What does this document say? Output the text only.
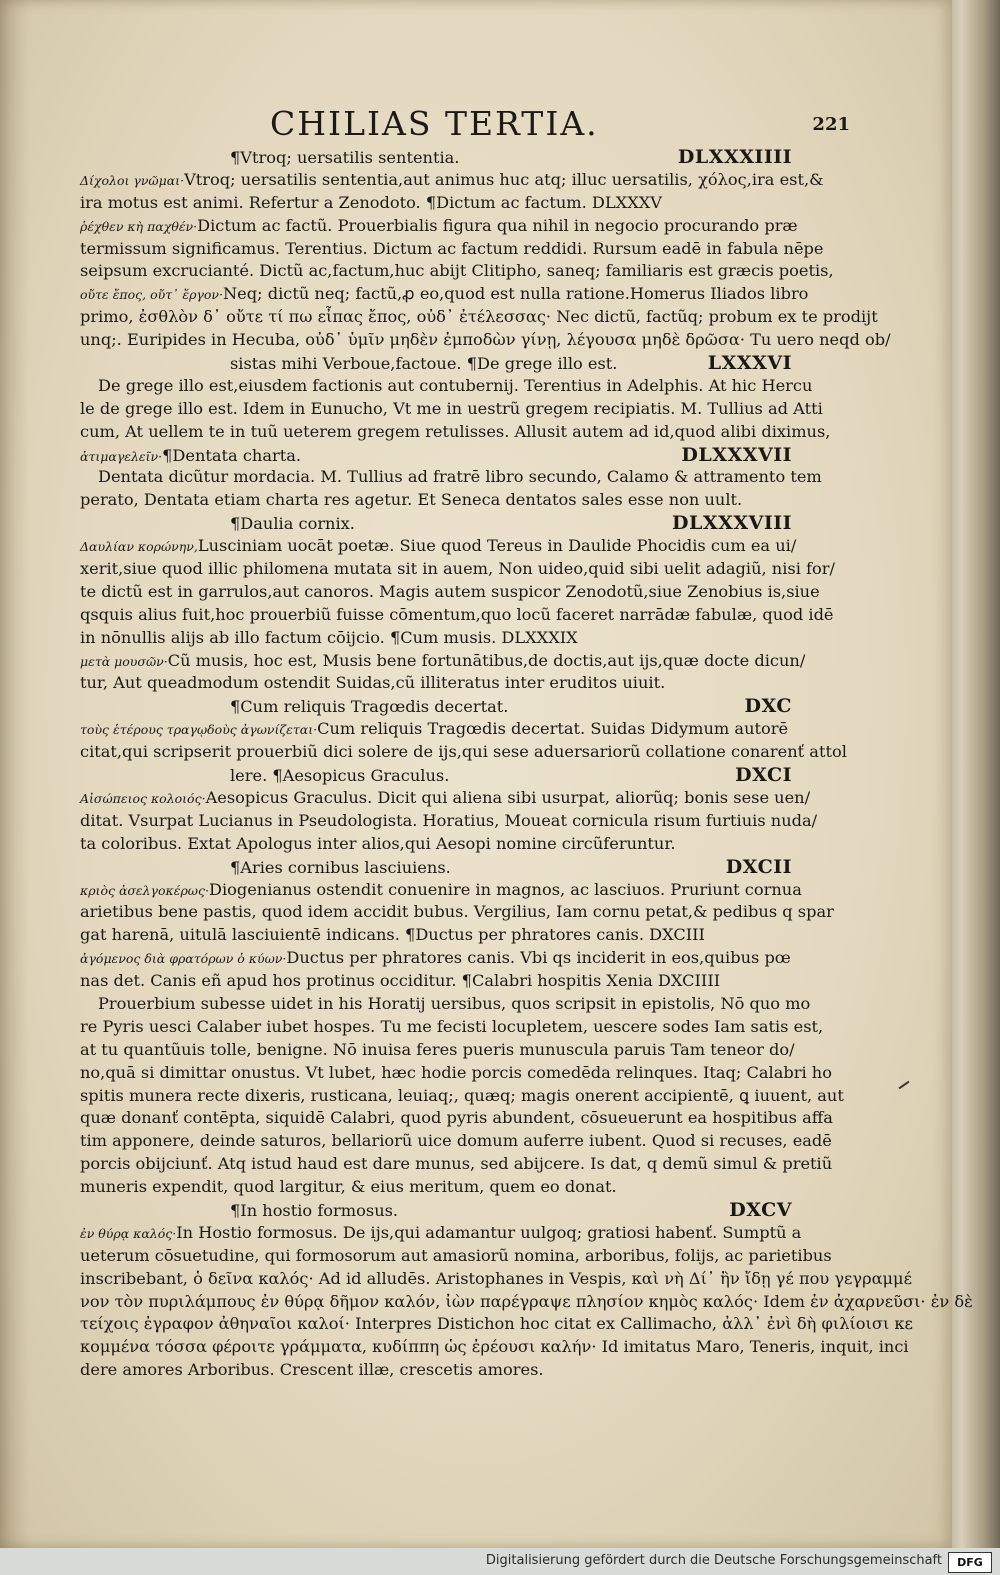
CHILIAS TERTIA.	221
¶Vtroq; uersatilis sententia.	DLXXXIIII
Δίχολοι γνῶμαι·Vtroq; uersatilis sententia,aut animus huc atq; illuc uersatilis, χόλος,ira est,&
ira motus est animi. Refertur a Zenodoto. ¶Dictum ac factum. DLXXXV
ῥέχθεν κὴ παχθέν·Dictum ac factũ. Prouerbialis figura qua nihil in negocio procurando præ
termissum significamus. Terentius. Dictum ac factum reddidi. Rursum eadē in fabula nēpe
seipsum excrucianté. Dictũ ac,factum,huc abijt Clitipho, saneq; familiaris est græcis poetis,
οὔτε ἔπος, οὔτ᾽ ἔργον·Neq; dictũ neq; factũ,ꝓ eo,quod est nulla ratione.Homerus Iliados libro
primo, ἐσθλὸν δ᾽ οὔτε τί πω εἶπας ἔπος, οὐδ᾽ ἐτέλεσσας· Nec dictũ, factũq; probum ex te prodijt
unq;. Euripides in Hecuba, οὐδ᾽ ὑμῖν μηδὲν ἐμποδὼν γίνῃ, λέγουσα μηδὲ δρῶσα· Tu uero neqd ob/
sistas mihi Verboue,factoue. ¶De grege illo est.	LXXXVI
De grege illo est,eiusdem factionis aut contubernij. Terentius in Adelphis. At hic Hercu
le de grege illo est. Idem in Eunucho, Vt me in uestrũ gregem recipiatis. M. Tullius ad Atti
cum, At uellem te in tuũ ueterem gregem retulisses. Allusit autem ad id,quod alibi diximus,
ἀτιμαγελεῖν· ¶Dentata charta.	DLXXXVII
Dentata dicũtur mordacia. M. Tullius ad fratrē libro secundo, Calamo & attramento tem
perato, Dentata etiam charta res agetur. Et Seneca dentatos sales esse non uult.
¶Daulia cornix.	DLXXXVIII
Δαυλίαν κορώνην,Lusciniam uocāt poetæ. Siue quod Tereus in Daulide Phocidis cum ea ui/
xerit,siue quod illic philomena mutata sit in auem, Non uideo,quid sibi uelit adagiũ, nisi for/
te dictũ est in garrulos,aut canoros. Magis autem suspicor Zenodotũ,siue Zenobius is,siue
qsquis alius fuit,hoc prouerbiũ fuisse cōmentum,quo locũ faceret narrādæ fabulæ, quod idē
in nōnullis alijs ab illo factum cōijcio. ¶Cum musis. DLXXXIX
μετὰ μουσῶν·Cũ musis, hoc est, Musis bene fortunātibus,de doctis,aut ijs,quæ docte dicun/
tur, Aut queadmodum ostendit Suidas,cũ illiteratus inter eruditos uiuit.
¶Cum reliquis Tragœdis decertat.	DXC
τοὺς ἑτέρους τραγῳδοὺς ἀγωνίζεται·Cum reliquis Tragœdis decertat. Suidas Didymum autorē
citat,qui scripserit prouerbiũ dici solere de ijs,qui sese aduersariorũ collatione conarenť attol
lere. ¶Aesopicus Graculus.	DXCI
Αἰσώπειος κολοιός·Aesopicus Graculus. Dicit qui aliena sibi usurpat, aliorũq; bonis sese uen/
ditat. Vsurpat Lucianus in Pseudologista. Horatius, Moueat cornicula risum furtiuis nuda/
ta coloribus. Extat Apologus inter alios,qui Aesopi nomine circũferuntur.
¶Aries cornibus lasciuiens.	DXCII
κριὸς ἀσελγοκέρως·Diogenianus ostendit conuenire in magnos, ac lasciuos. Pruriunt cornua
arietibus bene pastis, quod idem accidit bubus. Vergilius, Iam cornu petat,& pedibus q spar
gat harenā, uitulā lasciuientē indicans. ¶Ductus per phratores canis. DXCIII
ἀγόμενος διὰ φρατόρων ὁ κύων·Ductus per phratores canis. Vbi qs inciderit in eos,quibus pœ
nas det. Canis eñ apud hos protinus occiditur. ¶Calabri hospitis Xenia DXCIIII
Prouerbium subesse uidet in his Horatij uersibus, quos scripsit in epistolis, Nō quo mo
re Pyris uesci Calaber iubet hospes. Tu me fecisti locupletem, uescere sodes Iam satis est,
at tu quantũuis tolle, benigne. Nō inuisa feres pueris munuscula paruis Tam teneor do/
no,quā si dimittar onustus. Vt lubet, hæc hodie porcis comedēda relinques. Itaq; Calabri ho
spitis munera recte dixeris, rusticana, leuiaq;, quæq; magis onerent accipientē, ꝗ iuuent, aut
quæ donanť contēpta, siquidē Calabri, quod pyris abundent, cōsueuerunt ea hospitibus affa
tim apponere, deinde saturos, bellariorũ uice domum auferre iubent. Quod si recuses, eadē
porcis obijciunť. Atq istud haud est dare munus, sed abijcere. Is dat, q demũ simul & pretiũ
muneris expendit, quod largitur, & eius meritum, quem eo donat.
¶In hostio formosus.	DXCV
ἐν θύρᾳ καλός·In Hostio formosus. De ijs,qui adamantur uulgoq; gratiosi habenť. Sumptũ a
ueterum cōsuetudine, qui formosorum aut amasiorũ nomina, arboribus, folijs, ac parietibus
inscribebant, ὁ δεῖνα καλός· Ad id alludēs. Aristophanes in Vespis, καὶ νὴ Δί᾽ ἢν ἴδῃ γέ που γεγραμμέ
νον τὸν πυριλάμπους ἐν θύρᾳ δῆμον καλόν, ἰὼν παρέγραψε πλησίον κημὸς καλός· Idem ἐν ἀχαρνεῦσι· ἐν δὲ
τείχοις ἐγραφον ἀθηναῖοι καλοί· Interpres Distichon hoc citat ex Callimacho, ἀλλ᾽ ἐνὶ δὴ φιλίοισι κε
κομμένα τόσσα φέροιτε γράμματα, κυδίππη ὡς ἐρέουσι καλήν· Id imitatus Maro, Teneris, inquit, inci
dere amores Arboribus. Crescent illæ, crescetis amores.
Digitalisierung gefördert durch die Deutsche Forschungsgemeinschaft	DFG
